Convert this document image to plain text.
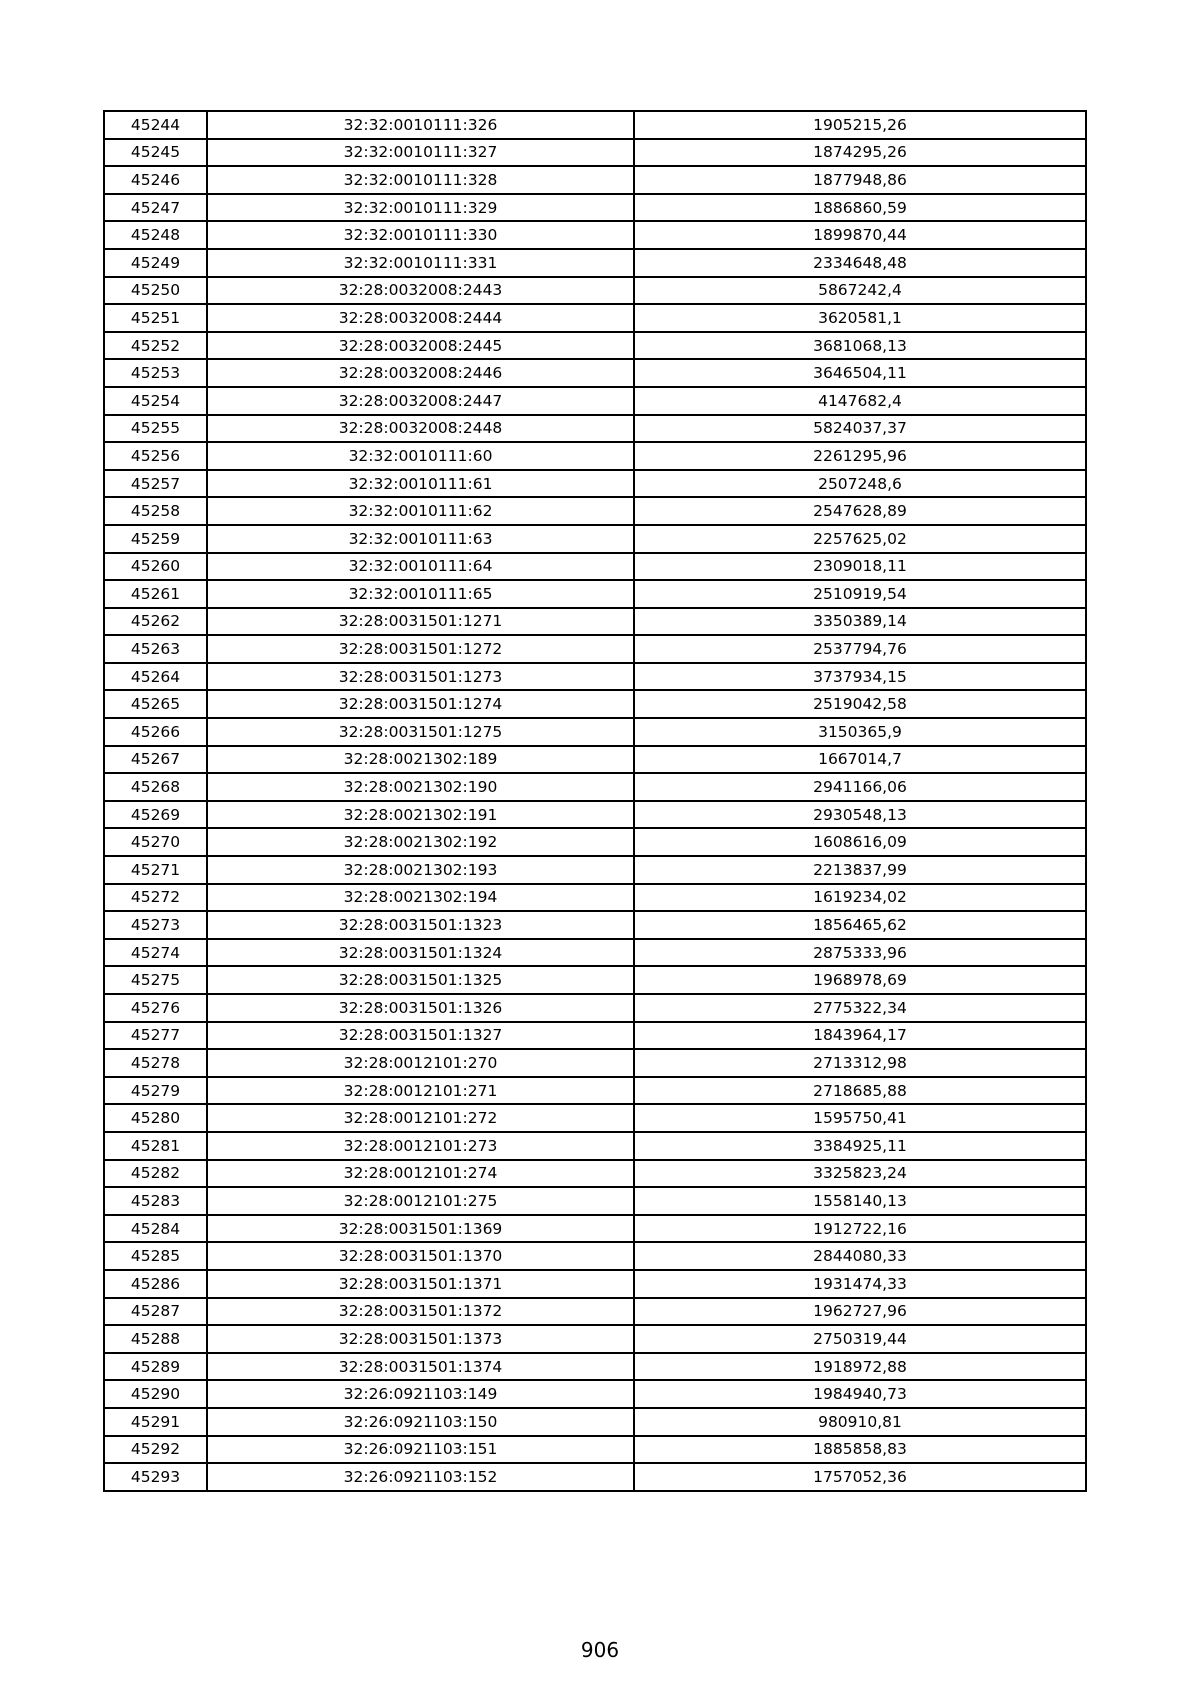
45244	32:32:0010111:326	1905215,26
45245	32:32:0010111:327	1874295,26
45246	32:32:0010111:328	1877948,86
45247	32:32:0010111:329	1886860,59
45248	32:32:0010111:330	1899870,44
45249	32:32:0010111:331	2334648,48
45250	32:28:0032008:2443	5867242,4
45251	32:28:0032008:2444	3620581,1
45252	32:28:0032008:2445	3681068,13
45253	32:28:0032008:2446	3646504,11
45254	32:28:0032008:2447	4147682,4
45255	32:28:0032008:2448	5824037,37
45256	32:32:0010111:60	2261295,96
45257	32:32:0010111:61	2507248,6
45258	32:32:0010111:62	2547628,89
45259	32:32:0010111:63	2257625,02
45260	32:32:0010111:64	2309018,11
45261	32:32:0010111:65	2510919,54
45262	32:28:0031501:1271	3350389,14
45263	32:28:0031501:1272	2537794,76
45264	32:28:0031501:1273	3737934,15
45265	32:28:0031501:1274	2519042,58
45266	32:28:0031501:1275	3150365,9
45267	32:28:0021302:189	1667014,7
45268	32:28:0021302:190	2941166,06
45269	32:28:0021302:191	2930548,13
45270	32:28:0021302:192	1608616,09
45271	32:28:0021302:193	2213837,99
45272	32:28:0021302:194	1619234,02
45273	32:28:0031501:1323	1856465,62
45274	32:28:0031501:1324	2875333,96
45275	32:28:0031501:1325	1968978,69
45276	32:28:0031501:1326	2775322,34
45277	32:28:0031501:1327	1843964,17
45278	32:28:0012101:270	2713312,98
45279	32:28:0012101:271	2718685,88
45280	32:28:0012101:272	1595750,41
45281	32:28:0012101:273	3384925,11
45282	32:28:0012101:274	3325823,24
45283	32:28:0012101:275	1558140,13
45284	32:28:0031501:1369	1912722,16
45285	32:28:0031501:1370	2844080,33
45286	32:28:0031501:1371	1931474,33
45287	32:28:0031501:1372	1962727,96
45288	32:28:0031501:1373	2750319,44
45289	32:28:0031501:1374	1918972,88
45290	32:26:0921103:149	1984940,73
45291	32:26:0921103:150	980910,81
45292	32:26:0921103:151	1885858,83
45293	32:26:0921103:152	1757052,36
906
